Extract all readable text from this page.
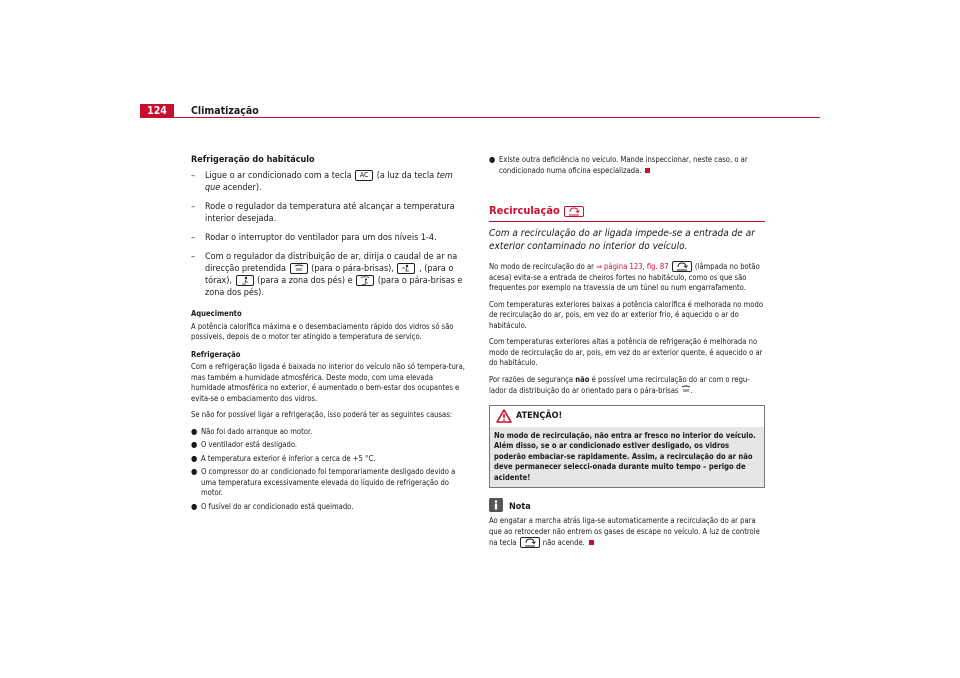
124	Climatização
Refrigeração do habitáculo
– Ligue o ar condicionado com a tecla AC (a luz da tecla tem que acender).
– Rode o regulador da temperatura até alcançar a temperatura interior desejada.
– Rodar o interruptor do ventilador para um dos níveis 1-4.
– Com o regulador da distribuição de ar, dirija o caudal de ar na direcção pretendida	(para o pára-brisas),	, (para o tórax),	(para a zona dos pés) e	(para o pára-brisas e zona dos pés).
Aquecimento
A potência calorífica máxima e o desembaciamento rápido dos vidros só são possíveis, depois de o motor ter atingido a temperatura de serviço.
Refrigeração
Com a refrigeração ligada é baixada no interior do veículo não só tempera-tura, mas também a humidade atmosférica. Deste modo, com uma elevada humidade atmosférica no exterior, é aumentado o bem-estar dos ocupantes e evita-se o embaciamento dos vidros.
Se não for possível ligar a refrigeração, isso poderá ter as seguintes causas:
● Não foi dado arranque ao motor.
● O ventilador está desligado.
● A temperatura exterior é inferior a cerca de +5 °C.
● O compressor do ar condicionado foi temporariamente desligado devido a uma temperatura excessivamente elevada do líquido de refrigeração do motor.
● O fusível do ar condicionado está queimado.
● Existe outra deficiência no veículo. Mande inspeccionar, neste caso, o ar condicionado numa oficina especializada.
Recirculação
Com a recirculação do ar ligada impede-se a entrada de ar exterior contaminado no interior do veículo.
No modo de recirculação do ar ⇒ página 123, fig. 87	(lâmpada no botão acesa) evita-se a entrada de cheiros fortes no habitáculo, como os que são frequentes por exemplo na travessia de um túnel ou num engarrafamento.
Com temperaturas exteriores baixas a potência calorífica é melhorada no modo de recirculação do ar, pois, em vez do ar exterior frio, é aquecido o ar do habitáculo.
Com temperaturas exteriores altas a potência de refrigeração é melhorada no modo de recirculação do ar, pois, em vez do ar exterior quente, é aquecido o ar do habitáculo.
Por razões de segurança não é possível uma recirculação do ar com o regu-lador da distribuição do ar orientado para o pára-brisas .
ATENÇÃO!
No modo de recirculação, não entra ar fresco no interior do veículo. Além disso, se o ar condicionado estiver desligado, os vidros poderão embaciar-se rapidamente. Assim, a recirculação do ar não deve permanecer selecci-onada durante muito tempo – perigo de acidente!
Nota
Ao engatar a marcha atrás liga-se automaticamente a recirculação do ar para que ao retroceder não entrem os gases de escape no veículo. A luz de controle na tecla	não acende.
